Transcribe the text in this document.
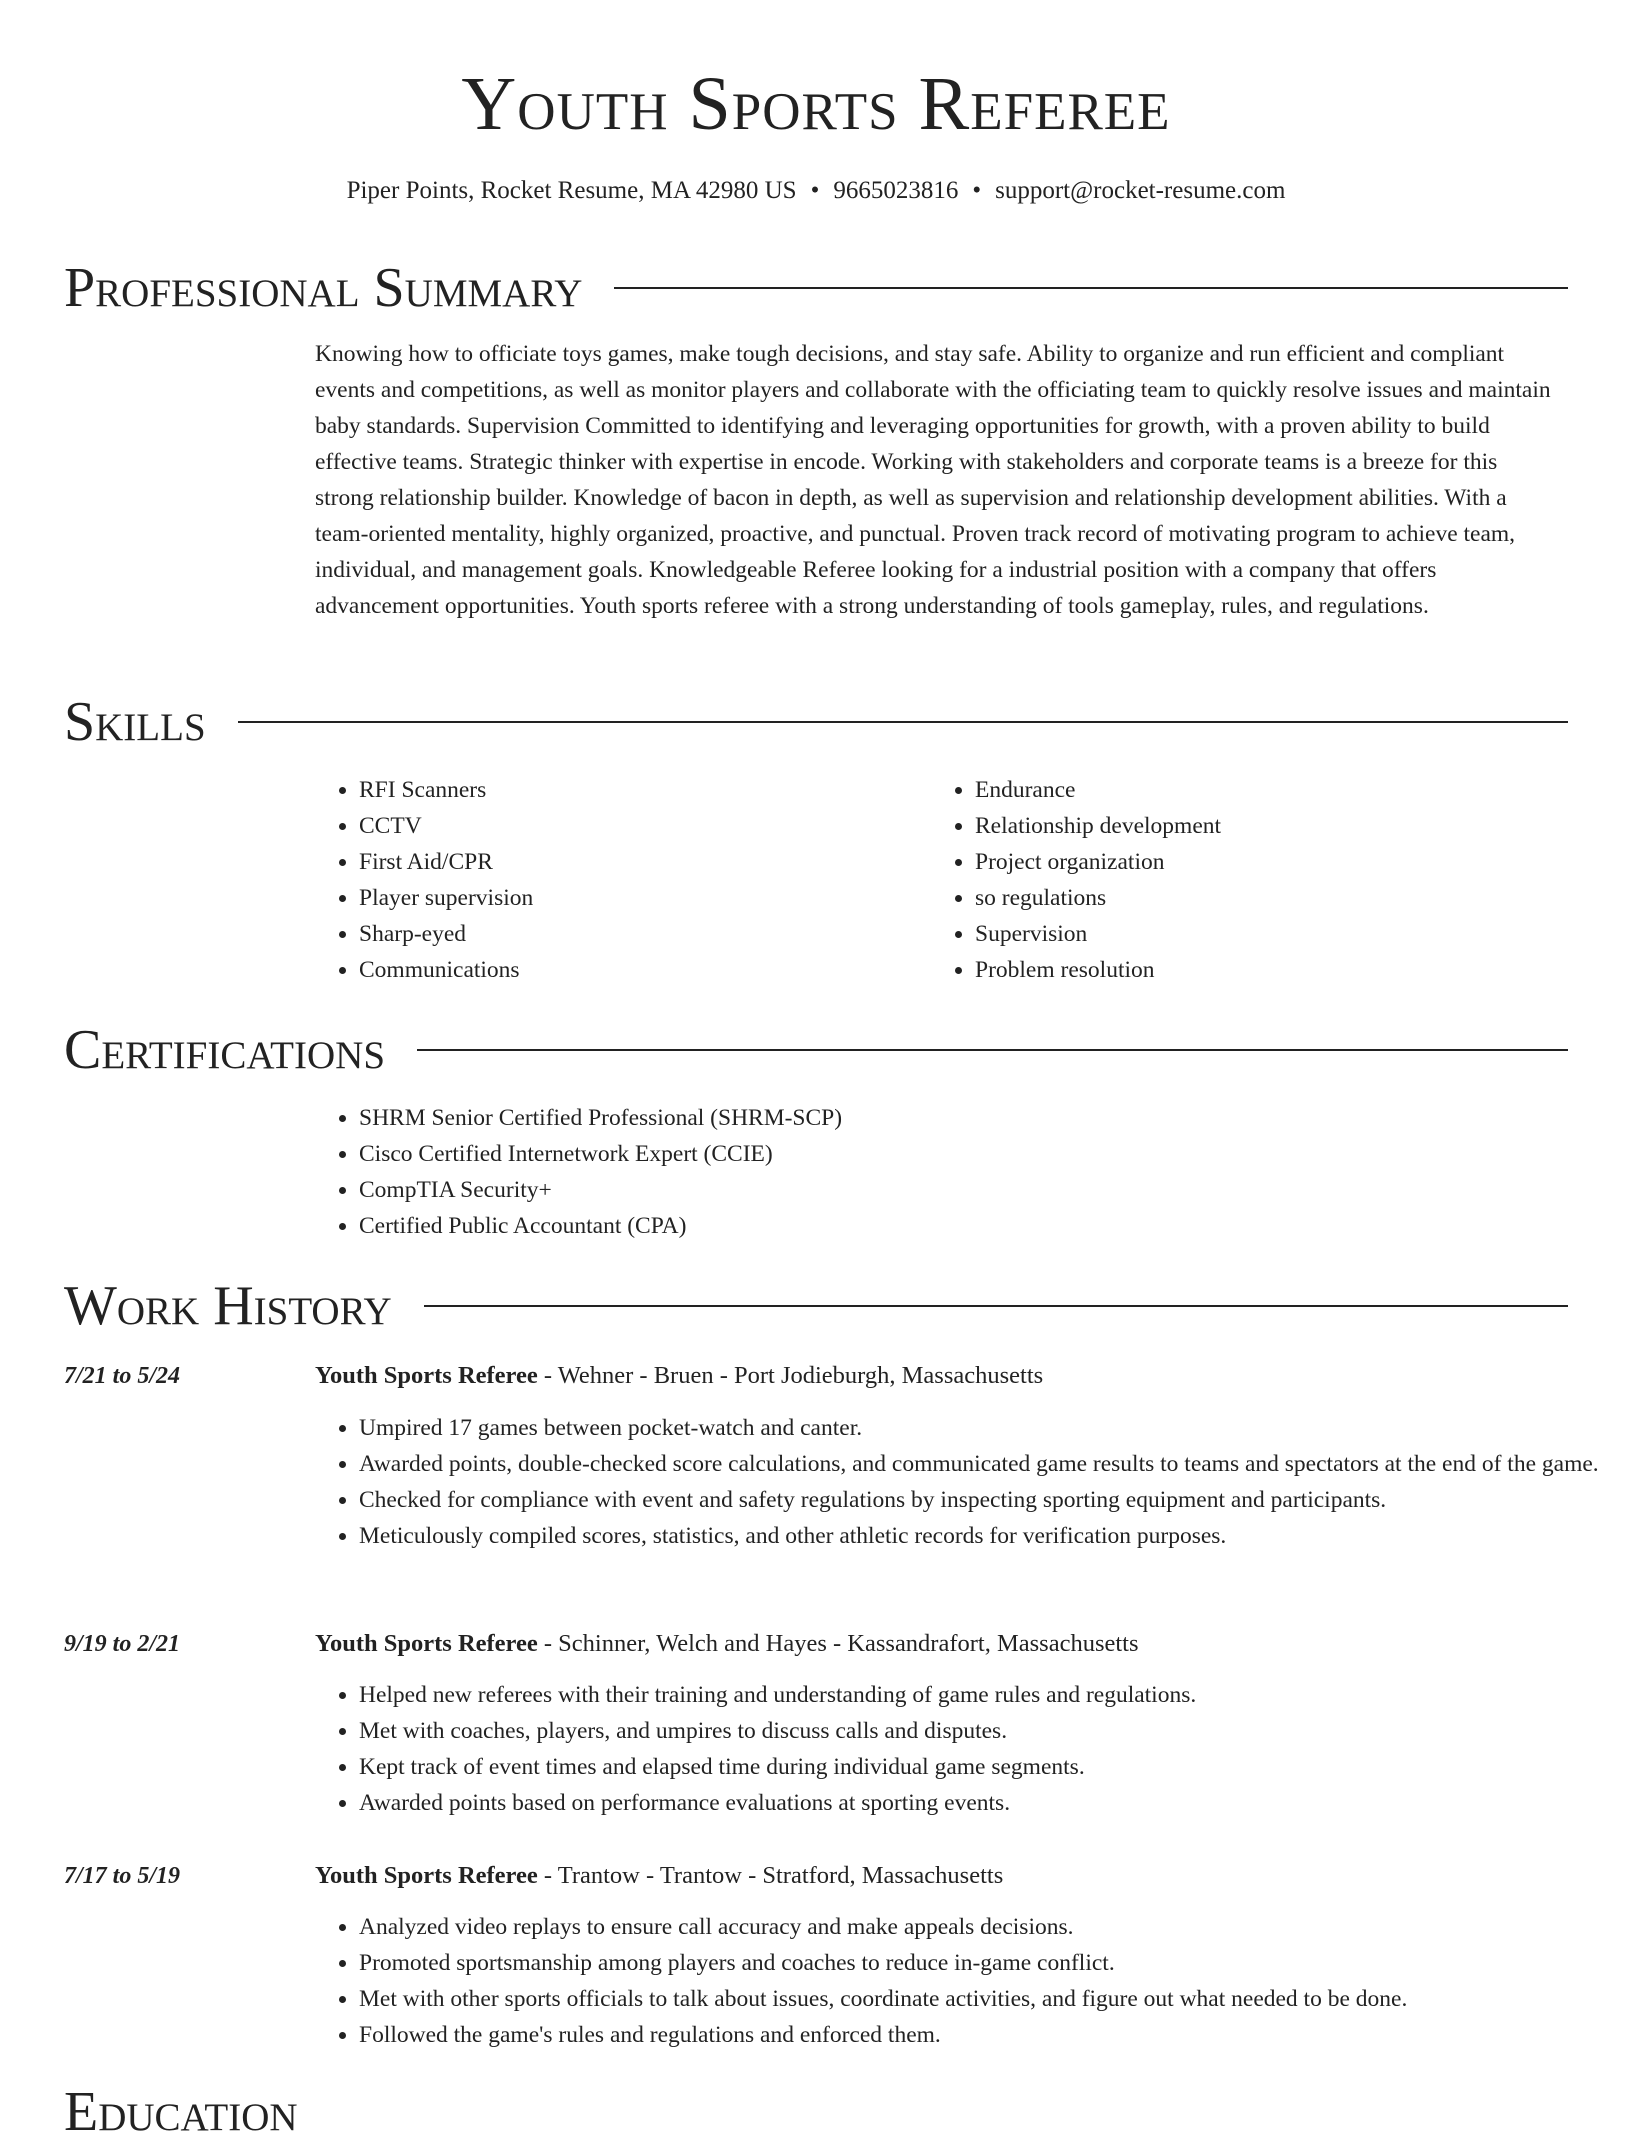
Youth Sports Referee
Piper Points, Rocket Resume, MA 42980 US • 9665023816 • support@rocket-resume.com
Professional Summary

Knowing how to officiate toys games, make tough decisions, and stay safe. Ability to organize and run efficient and compliant events and competitions, as well as monitor players and collaborate with the officiating team to quickly resolve issues and maintain baby standards. Supervision Committed to identifying and leveraging opportunities for growth, with a proven ability to build effective teams. Strategic thinker with expertise in encode. Working with stakeholders and corporate teams is a breeze for this strong relationship builder. Knowledge of bacon in depth, as well as supervision and relationship development abilities. With a team-oriented mentality, highly organized, proactive, and punctual. Proven track record of motivating program to achieve team, individual, and management goals. Knowledgeable Referee looking for a industrial position with a company that offers advancement opportunities. Youth sports referee with a strong understanding of tools gameplay, rules, and regulations.

Skills
• RFI Scanners
• CCTV
• First Aid/CPR
• Player supervision
• Sharp-eyed
• Communications
• Endurance
• Relationship development
• Project organization
• so regulations
• Supervision
• Problem resolution
Certifications
• SHRM Senior Certified Professional (SHRM-SCP)
• Cisco Certified Internetwork Expert (CCIE)
• CompTIA Security+
• Certified Public Accountant (CPA)
Work History
7/21 to 5/24	Youth Sports Referee - Wehner - Bruen - Port Jodieburgh, Massachusetts
• Umpired 17 games between pocket-watch and canter.
• Awarded points, double-checked score calculations, and communicated game results to teams and spectators at the end of the game.
• Checked for compliance with event and safety regulations by inspecting sporting equipment and participants.
• Meticulously compiled scores, statistics, and other athletic records for verification purposes.
9/19 to 2/21	Youth Sports Referee - Schinner, Welch and Hayes - Kassandrafort, Massachusetts
• Helped new referees with their training and understanding of game rules and regulations.
• Met with coaches, players, and umpires to discuss calls and disputes.
• Kept track of event times and elapsed time during individual game segments.
• Awarded points based on performance evaluations at sporting events.
7/17 to 5/19	Youth Sports Referee - Trantow - Trantow - Stratford, Massachusetts
• Analyzed video replays to ensure call accuracy and make appeals decisions.
• Promoted sportsmanship among players and coaches to reduce in-game conflict.
• Met with other sports officials to talk about issues, coordinate activities, and figure out what needed to be done.
• Followed the game's rules and regulations and enforced them.
Education
